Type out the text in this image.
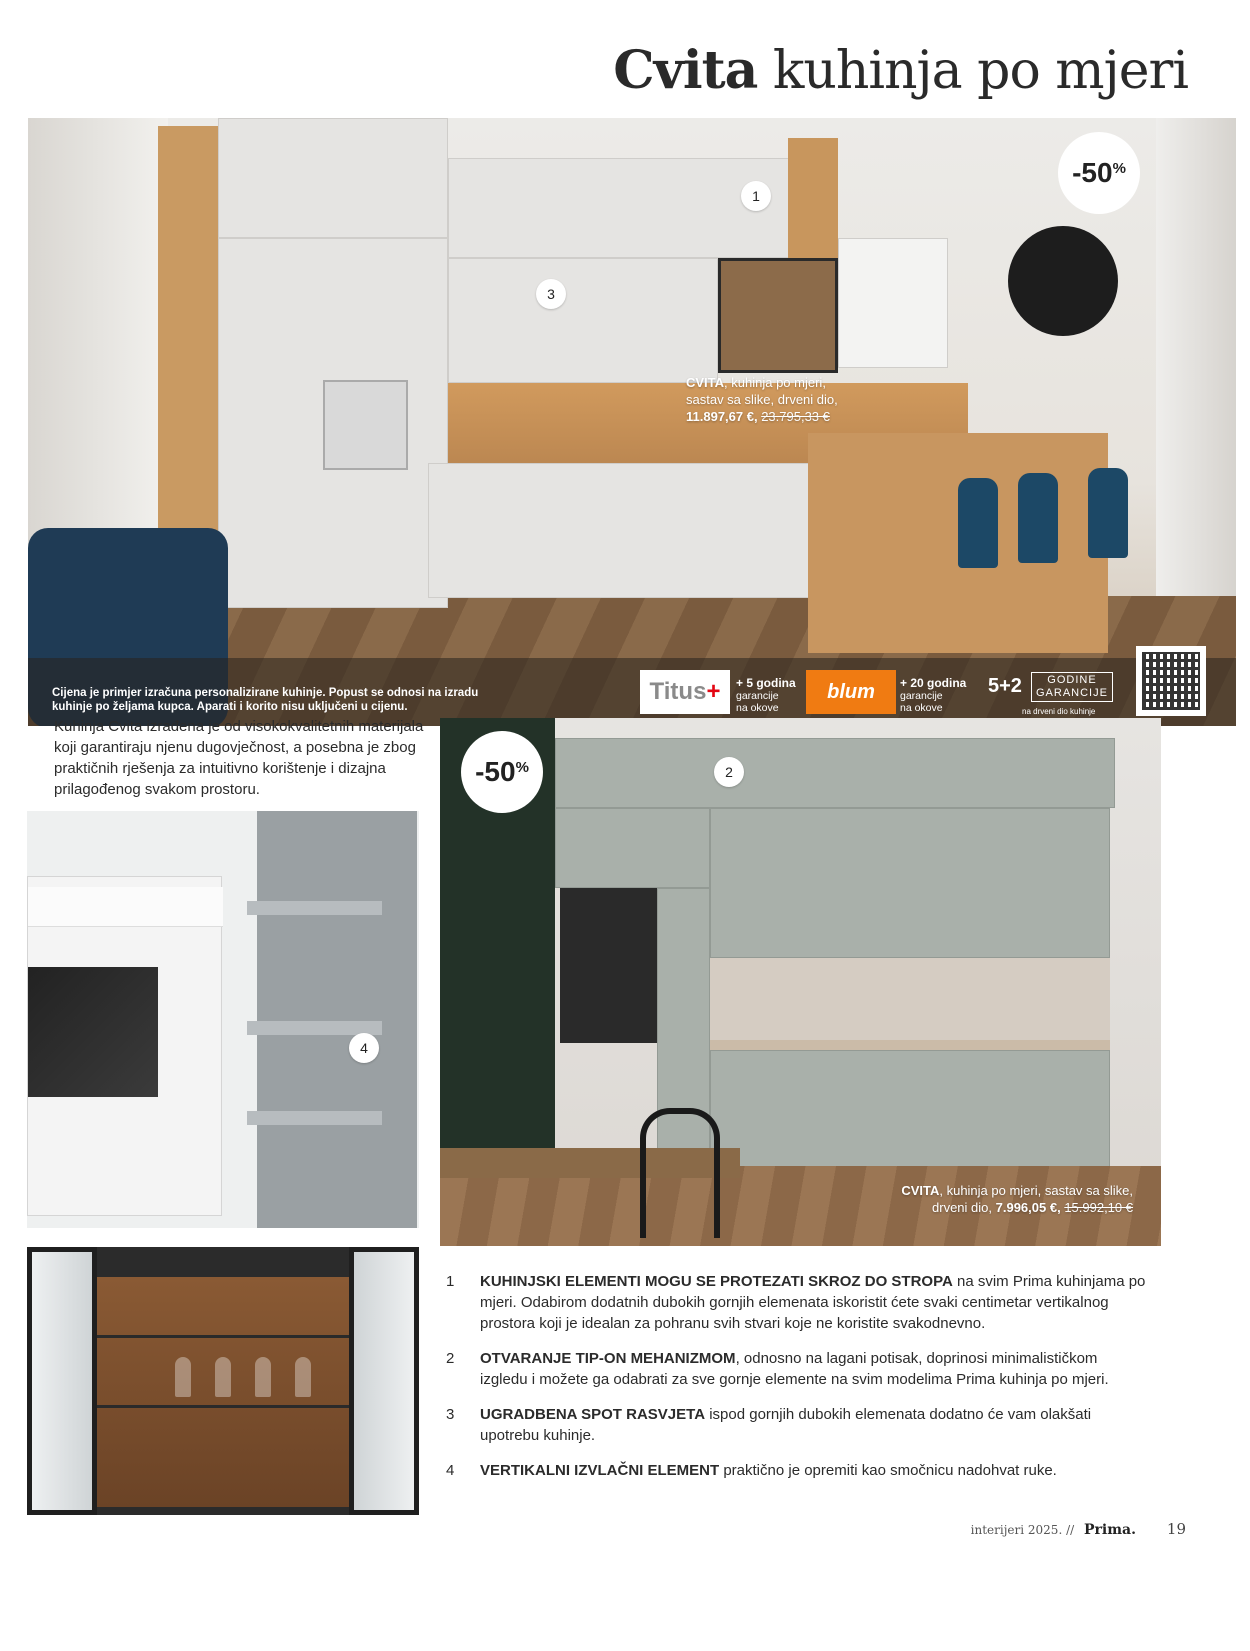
Cvita kuhinja po mjeri
-50 %
1
3
CVITA, kuhinja po mjeri,
sastav sa slike, drveni dio,
11.897,67 €, 23.795,33 €
Cijena je primjer izračuna personalizirane kuhinje. Popust se odnosi na izradu kuhinje po željama kupca. Aparati i korito nisu uključeni u cijenu.
Titus + + 5 godina
garancije
na okove
blum	+ 20 godina
garancije
na okove
5+2	GODINE
GARANCIJE
na drveni dio kuhinje
Kuhinja Cvita izrađena je od visokokvalitetnih materijala koji garantiraju njenu dugovječnost, a posebna je zbog praktičnih rješenja za intuitivno korištenje i dizajna prilagođenog svakom prostoru.
4
-50 %	2
CVITA, kuhinja po mjeri, sastav sa slike,
drveni dio, 7.996,05 €, 15.992,10 €
1 KUHINJSKI ELEMENTI MOGU SE PROTEZATI SKROZ DO STROPA na svim Prima kuhinjama po mjeri. Odabirom dodatnih dubokih gornjih elemenata iskoristit ćete svaki centimetar vertikalnog prostora koji je idealan za pohranu svih stvari koje ne koristite svakodnevno.
2 OTVARANJE TIP-ON MEHANIZMOM, odnosno na lagani potisak, doprinosi minimalističkom izgledu i možete ga odabrati za sve gornje elemente na svim modelima Prima kuhinja po mjeri.
3 UGRADBENA SPOT RASVJETA ispod gornjih dubokih elemenata dodatno će vam olakšati upotrebu kuhinje.
4 VERTIKALNI IZVLAČNI ELEMENT praktično je opremiti kao smočnicu nadohvat ruke.
interijeri 2025. // Prima. 19
